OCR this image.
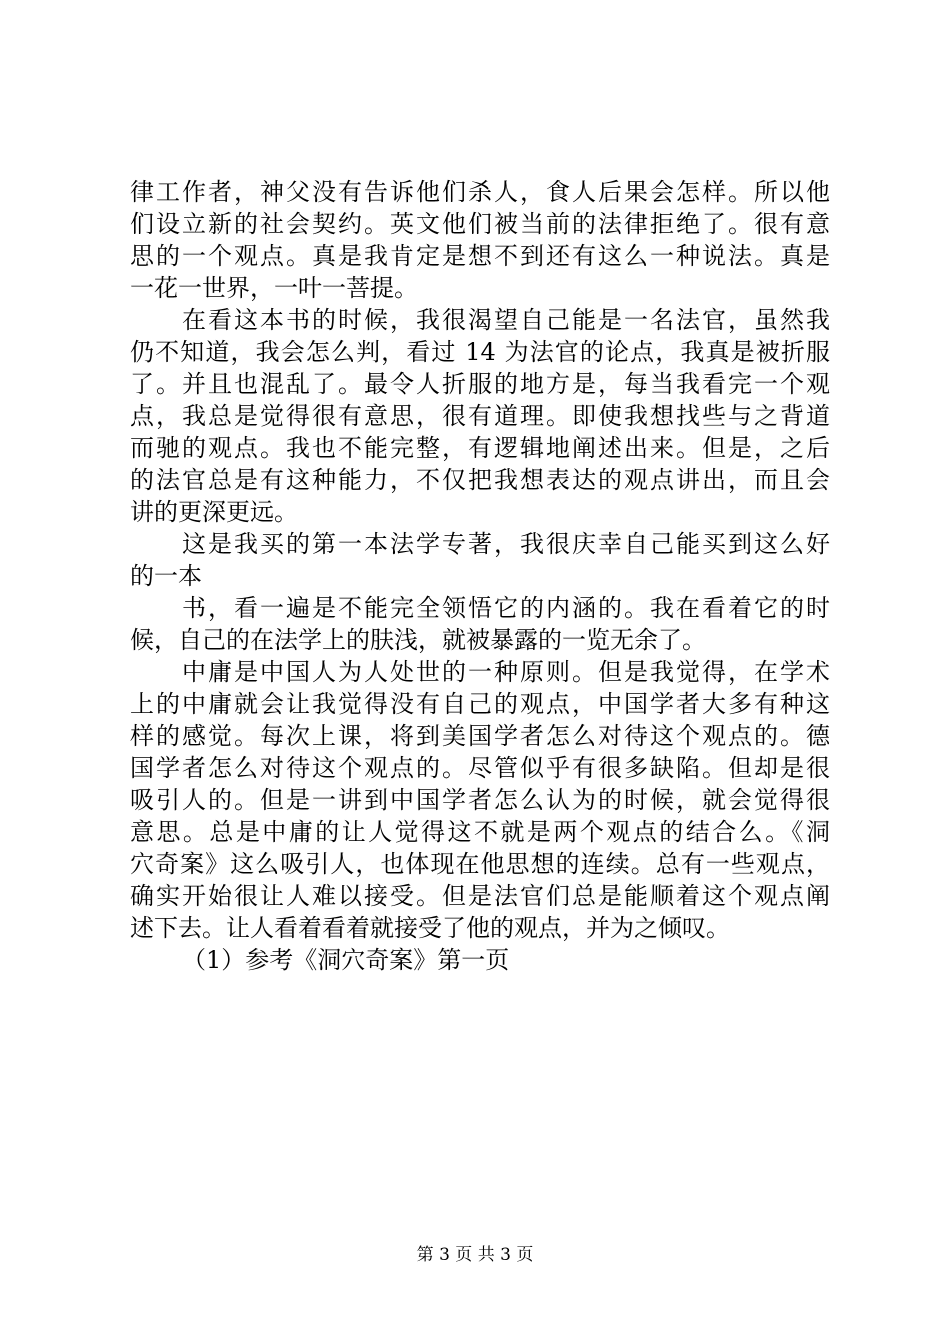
律工作者，神父没有告诉他们杀人，食人后果会怎样。所以他
们设立新的社会契约。英文他们被当前的法律拒绝了。很有意
思的一个观点。真是我肯定是想不到还有这么一种说法。真是
一花一世界，一叶一菩提。
在看这本书的时候，我很渴望自己能是一名法官，虽然我
仍不知道，我会怎么判，看过 14 为法官的论点，我真是被折服
了。并且也混乱了。最令人折服的地方是，每当我看完一个观
点，我总是觉得很有意思，很有道理。即使我想找些与之背道
而驰的观点。我也不能完整，有逻辑地阐述出来。但是，之后
的法官总是有这种能力，不仅把我想表达的观点讲出，而且会
讲的更深更远。
这是我买的第一本法学专著，我很庆幸自己能买到这么好
的一本
书，看一遍是不能完全领悟它的内涵的。我在看着它的时
候，自己的在法学上的肤浅，就被暴露的一览无余了。
中庸是中国人为人处世的一种原则。但是我觉得，在学术
上的中庸就会让我觉得没有自己的观点，中国学者大多有种这
样的感觉。每次上课，将到美国学者怎么对待这个观点的。德
国学者怎么对待这个观点的。尽管似乎有很多缺陷。但却是很
吸引人的。但是一讲到中国学者怎么认为的时候，就会觉得很
意思。总是中庸的让人觉得这不就是两个观点的结合么。《洞
穴奇案》这么吸引人，也体现在他思想的连续。总有一些观点，
确实开始很让人难以接受。但是法官们总是能顺着这个观点阐
述下去。让人看着看着就接受了他的观点，并为之倾叹。
（1）参考《洞穴奇案》第一页
第 3 页 共 3 页
